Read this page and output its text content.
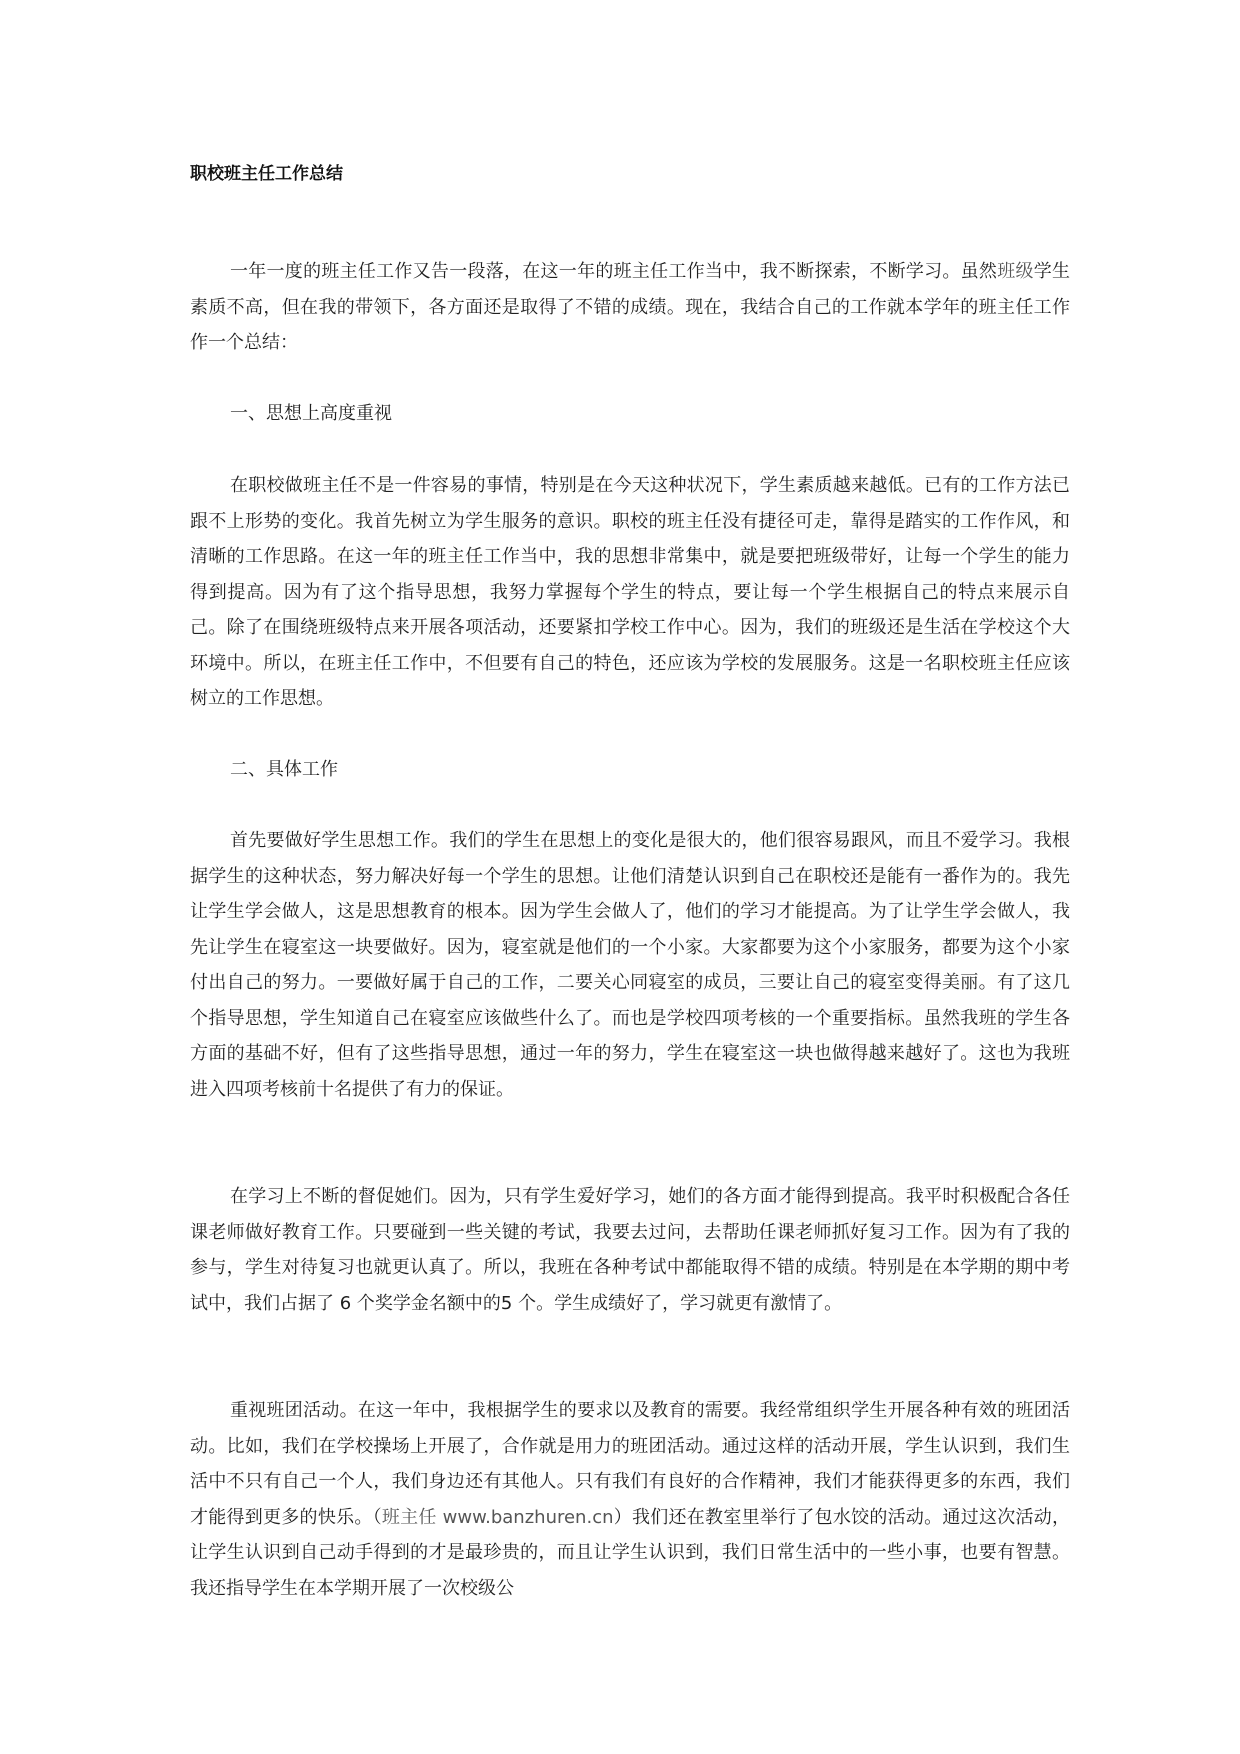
职校班主任工作总结

一年一度的班主任工作又告一段落，在这一年的班主任工作当中，我不断探索，不断学习。虽然班级学生素质不高，但在我的带领下，各方面还是取得了不错的成绩。现在，我结合自己的工作就本学年的班主任工作作一个总结：

一、思想上高度重视

在职校做班主任不是一件容易的事情，特别是在今天这种状况下，学生素质越来越低。已有的工作方法已跟不上形势的变化。我首先树立为学生服务的意识。职校的班主任没有捷径可走，靠得是踏实的工作作风，和清晰的工作思路。在这一年的班主任工作当中，我的思想非常集中，就是要把班级带好，让每一个学生的能力得到提高。因为有了这个指导思想，我努力掌握每个学生的特点，要让每一个学生根据自己的特点来展示自己。除了在围绕班级特点来开展各项活动，还要紧扣学校工作中心。因为，我们的班级还是生活在学校这个大环境中。所以，在班主任工作中，不但要有自己的特色，还应该为学校的发展服务。这是一名职校班主任应该树立的工作思想。

二、具体工作

首先要做好学生思想工作。我们的学生在思想上的变化是很大的，他们很容易跟风，而且不爱学习。我根据学生的这种状态，努力解决好每一个学生的思想。让他们清楚认识到自己在职校还是能有一番作为的。我先让学生学会做人，这是思想教育的根本。因为学生会做人了，他们的学习才能提高。为了让学生学会做人，我先让学生在寝室这一块要做好。因为，寝室就是他们的一个小家。大家都要为这个小家服务，都要为这个小家付出自己的努力。一要做好属于自己的工作，二要关心同寝室的成员，三要让自己的寝室变得美丽。有了这几个指导思想，学生知道自己在寝室应该做些什么了。而也是学校四项考核的一个重要指标。虽然我班的学生各方面的基础不好，但有了这些指导思想，通过一年的努力，学生在寝室这一块也做得越来越好了。这也为我班进入四项考核前十名提供了有力的保证。

在学习上不断的督促她们。因为，只有学生爱好学习，她们的各方面才能得到提高。我平时积极配合各任课老师做好教育工作。只要碰到一些关键的考试，我要去过问，去帮助任课老师抓好复习工作。因为有了我的参与，学生对待复习也就更认真了。所以，我班在各种考试中都能取得不错的成绩。特别是在本学期的期中考试中，我们占据了 6 个奖学金名额中的5 个。学生成绩好了，学习就更有激情了。

重视班团活动。在这一年中，我根据学生的要求以及教育的需要。我经常组织学生开展各种有效的班团活动。比如，我们在学校操场上开展了，合作就是用力的班团活动。通过这样的活动开展，学生认识到，我们生活中不只有自己一个人，我们身边还有其他人。只有我们有良好的合作精神，我们才能获得更多的东西，我们才能得到更多的快乐。（班主任 www.banzhuren.cn）我们还在教室里举行了包水饺的活动。通过这次活动，让学生认识到自己动手得到的才是最珍贵的，而且让学生认识到，我们日常生活中的一些小事，也要有智慧。我还指导学生在本学期开展了一次校级公
